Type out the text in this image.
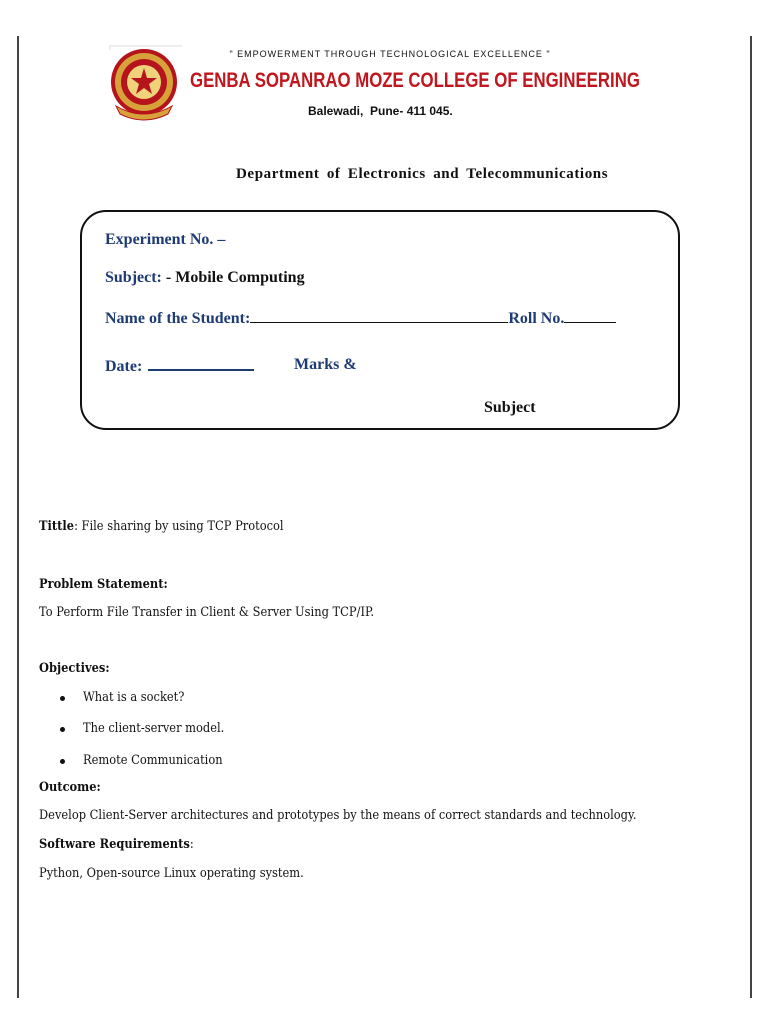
" EMPOWERMENT THROUGH TECHNOLOGICAL EXCELLENCE "
GENBA SOPANRAO MOZE COLLEGE OF ENGINEERING
Balewadi,  Pune- 411 045.
Department of Electronics and Telecommunications
Experiment No. –
Subject: - Mobile Computing
Name of the Student:	Roll No.
Date:	Marks &
Subject
Tittle: File sharing by using TCP Protocol
Problem Statement:
To Perform File Transfer in Client & Server Using TCP/IP.
Objectives:
What is a socket?
The client-server model.
Remote Communication
Outcome:
Develop Client-Server architectures and prototypes by the means of correct standards and technology.
Software Requirements:
Python, Open-source Linux operating system.
